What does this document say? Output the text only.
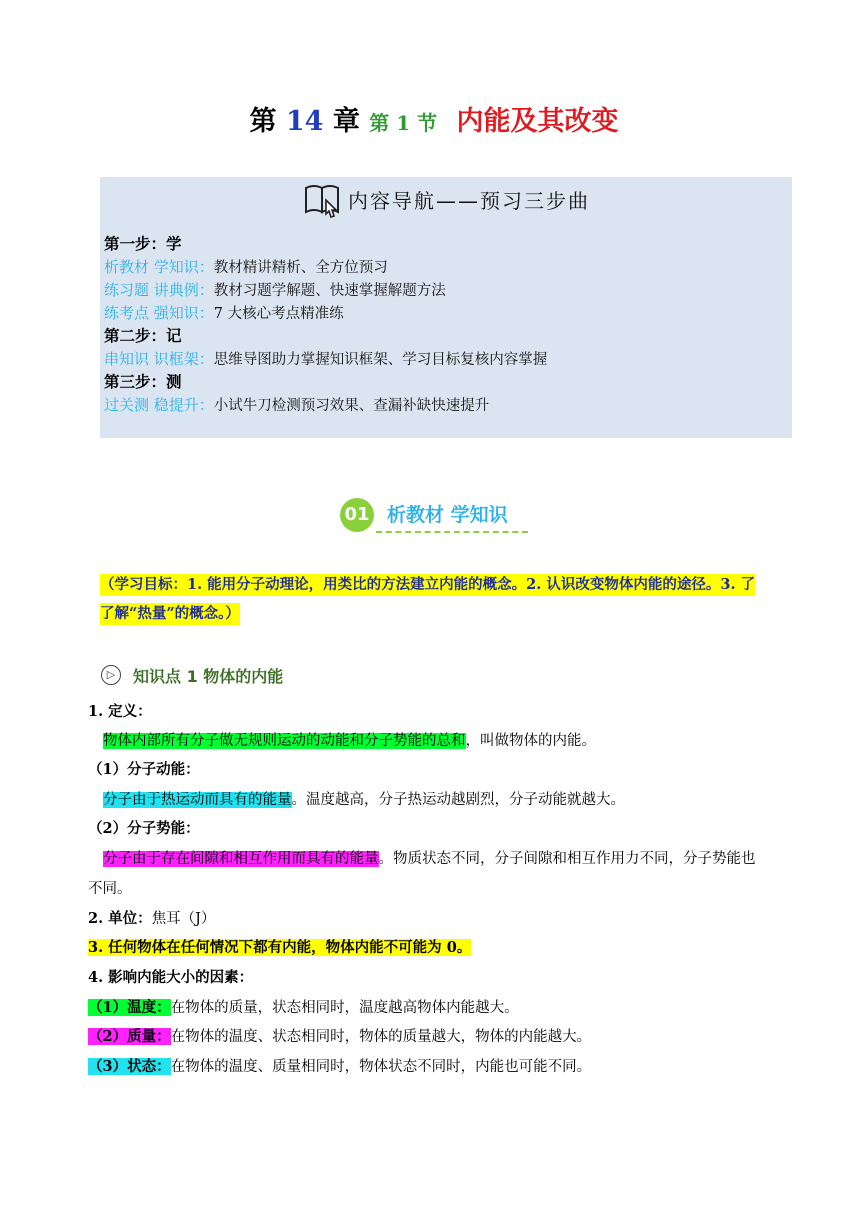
第 14 章 第 1 节 内能及其改变
内容导航——预习三步曲
第一步：学
析教材 学知识：教材精讲精析、全方位预习
练习题 讲典例：教材习题学解题、快速掌握解题方法
练考点 强知识：7 大核心考点精准练
第二步：记
串知识 识框架：思维导图助力掌握知识框架、学习目标复核内容掌握
第三步：测
过关测 稳提升：小试牛刀检测预习效果、查漏补缺快速提升
01 析教材 学知识
（学习目标：1. 能用分子动理论，用类比的方法建立内能的概念。2. 认识改变物体内能的途径。3. 了
了解“热量”的概念。）
▷	知识点 1 物体的内能
1. 定义：
物体内部所有分子做无规则运动的动能和分子势能的总和，叫做物体的内能。
（1）分子动能：
分子由于热运动而具有的能量。温度越高，分子热运动越剧烈，分子动能就越大。
（2）分子势能：
分子由于存在间隙和相互作用而具有的能量。物质状态不同，分子间隙和相互作用力不同，分子势能也
不同。
2. 单位：焦耳（J）
3. 任何物体在任何情况下都有内能，物体内能不可能为 0。
4. 影响内能大小的因素：
（1）温度：在物体的质量，状态相同时，温度越高物体内能越大。
（2）质量：在物体的温度、状态相同时，物体的质量越大，物体的内能越大。
（3）状态：在物体的温度、质量相同时，物体状态不同时，内能也可能不同。
